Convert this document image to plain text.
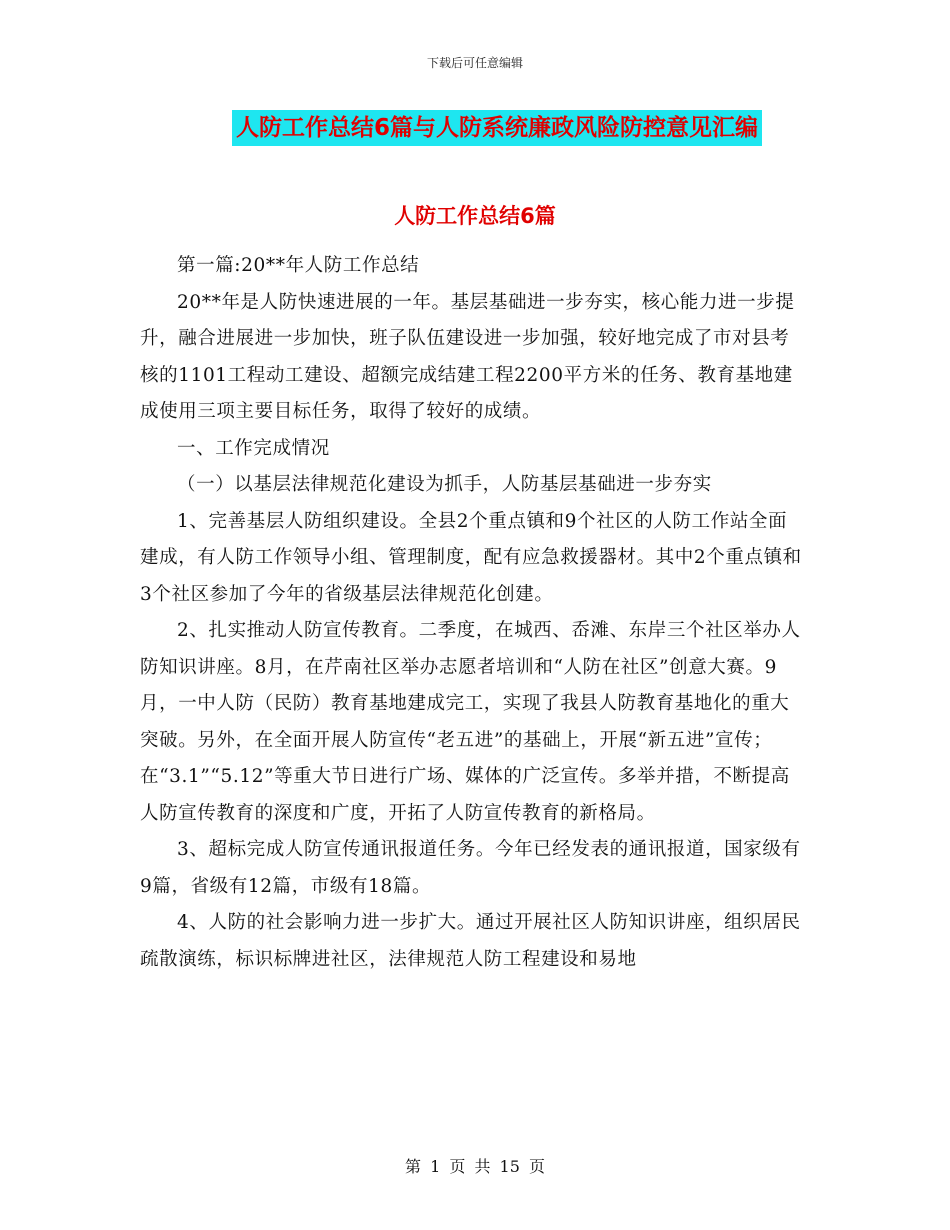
下载后可任意编辑
人防工作总结6篇与人防系统廉政风险防控意见汇编
人防工作总结6篇

第一篇:20**年人防工作总结

20**年是人防快速进展的一年。基层基础进一步夯实，核心能力进一步提升，融合进展进一步加快，班子队伍建设进一步加强，较好地完成了市对县考核的1101工程动工建设、超额完成结建工程2200平方米的任务、教育基地建成使用三项主要目标任务，取得了较好的成绩。

一、工作完成情况

（一）以基层法律规范化建设为抓手，人防基层基础进一步夯实

1、完善基层人防组织建设。全县2个重点镇和9个社区的人防工作站全面建成，有人防工作领导小组、管理制度，配有应急救援器材。其中2个重点镇和3个社区参加了今年的省级基层法律规范化创建。

2、扎实推动人防宣传教育。二季度，在城西、岙滩、东岸三个社区举办人防知识讲座。8月，在芹南社区举办志愿者培训和“人防在社区”创意大赛。9月，一中人防（民防）教育基地建成完工，实现了我县人防教育基地化的重大突破。另外，在全面开展人防宣传“老五进”的基础上，开展“新五进”宣传；在“3.1”“5.12”等重大节日进行广场、媒体的广泛宣传。多举并措，不断提高人防宣传教育的深度和广度，开拓了人防宣传教育的新格局。

3、超标完成人防宣传通讯报道任务。今年已经发表的通讯报道，国家级有9篇，省级有12篇，市级有18篇。

4、人防的社会影响力进一步扩大。通过开展社区人防知识讲座，组织居民疏散演练，标识标牌进社区，法律规范人防工程建设和易地

第 1 页 共 15 页
